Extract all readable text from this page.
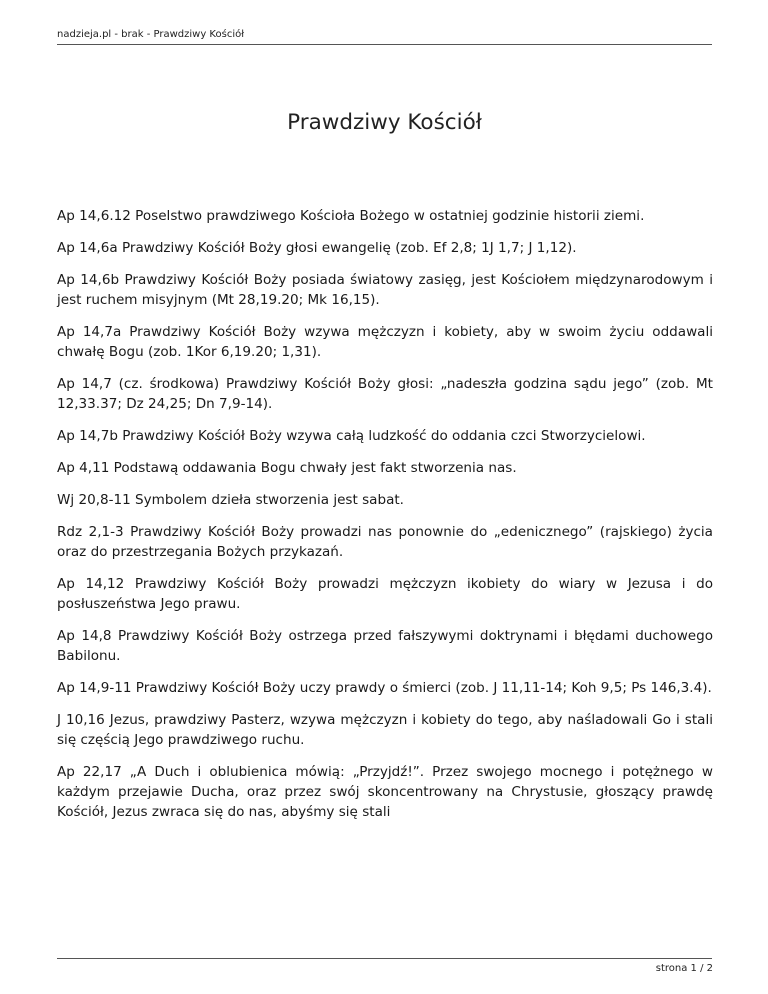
nadzieja.pl - brak - Prawdziwy Kościół
Prawdziwy Kościół

Ap 14,6.12 Poselstwo prawdziwego Kościoła Bożego w ostatniej godzinie historii ziemi.

Ap 14,6a Prawdziwy Kościół Boży głosi ewangelię (zob. Ef 2,8; 1J 1,7; J 1,12).

Ap 14,6b Prawdziwy Kościół Boży posiada światowy zasięg, jest Kościołem międzynarodowym i jest ruchem misyjnym (Mt 28,19.20; Mk 16,15).

Ap 14,7a Prawdziwy Kościół Boży wzywa mężczyzn i kobiety, aby w swoim życiu oddawali chwałę Bogu (zob. 1Kor 6,19.20; 1,31).

Ap 14,7 (cz. środkowa) Prawdziwy Kościół Boży głosi: „nadeszła godzina sądu jego” (zob. Mt 12,33.37; Dz 24,25; Dn 7,9-14).

Ap 14,7b Prawdziwy Kościół Boży wzywa całą ludzkość do oddania czci Stworzycielowi.

Ap 4,11 Podstawą oddawania Bogu chwały jest fakt stworzenia nas.

Wj 20,8-11 Symbolem dzieła stworzenia jest sabat.

Rdz 2,1-3 Prawdziwy Kościół Boży prowadzi nas ponownie do „edenicznego” (rajskiego) życia oraz do przestrzegania Bożych przykazań.

Ap 14,12 Prawdziwy Kościół Boży prowadzi mężczyzn ikobiety do wiary w Jezusa i do posłuszeństwa Jego prawu.

Ap 14,8 Prawdziwy Kościół Boży ostrzega przed fałszywymi doktrynami i błędami duchowego Babilonu.

Ap 14,9-11 Prawdziwy Kościół Boży uczy prawdy o śmierci (zob. J 11,11-14; Koh 9,5; Ps 146,3.4).

J 10,16 Jezus, prawdziwy Pasterz, wzywa mężczyzn i kobiety do tego, aby naśladowali Go i stali się częścią Jego prawdziwego ruchu.

Ap 22,17 „A Duch i oblubienica mówią: „Przyjdź!”. Przez swojego mocnego i potężnego w każdym przejawie Ducha, oraz przez swój skoncentrowany na Chrystusie, głoszący prawdę Kościół, Jezus zwraca się do nas, abyśmy się stali

strona 1 / 2
